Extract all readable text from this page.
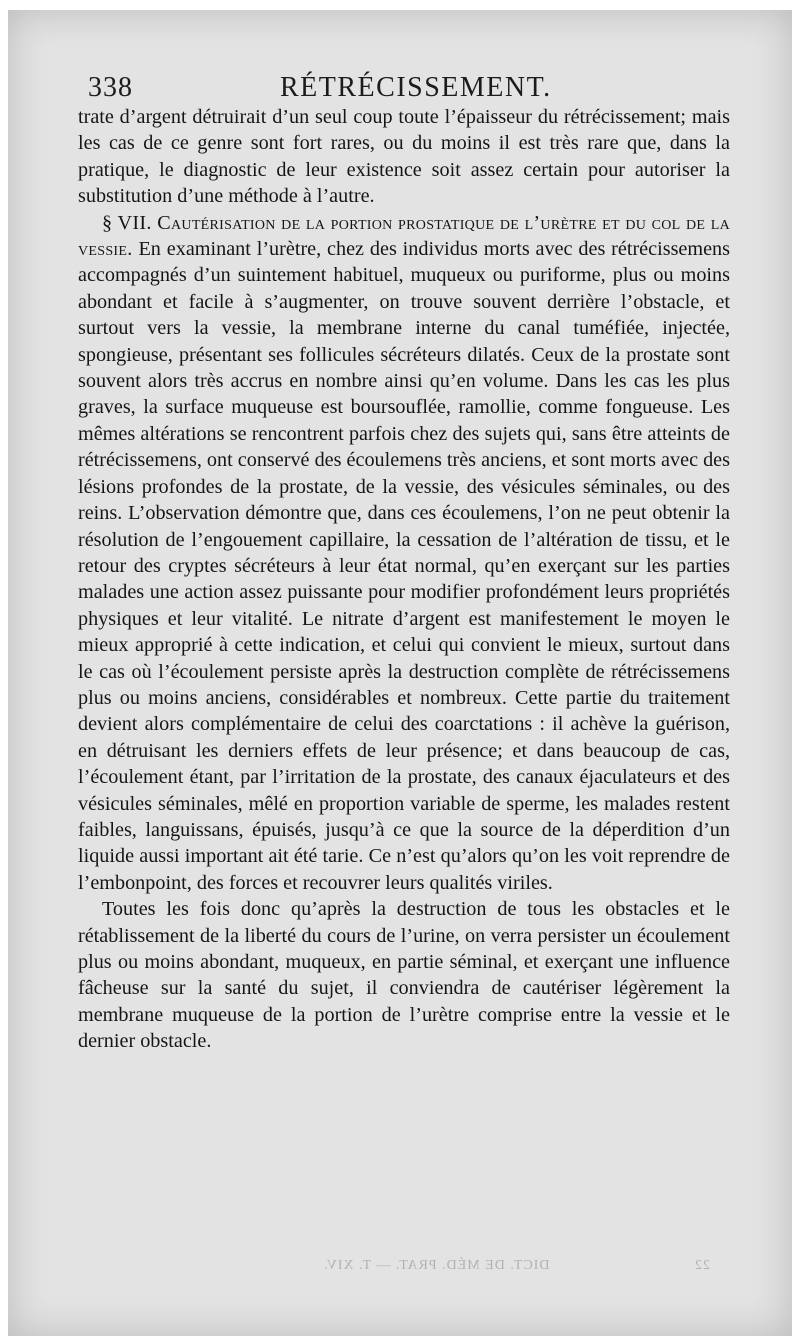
338	RÉTRÉCISSEMENT.

trate d’argent détruirait d’un seul coup toute l’épaisseur du rétrécissement; mais les cas de ce genre sont fort rares, ou du moins il est très rare que, dans la pratique, le diagnostic de leur existence soit assez certain pour autoriser la substitution d’une méthode à l’autre.

§ VII. Cautérisation de la portion prostatique de l’urètre et du col de la vessie. En examinant l’urètre, chez des individus morts avec des rétrécissemens accompagnés d’un suintement habituel, muqueux ou puriforme, plus ou moins abondant et facile à s’augmenter, on trouve souvent derrière l’obstacle, et surtout vers la vessie, la membrane interne du canal tuméfiée, injectée, spongieuse, présentant ses follicules sécréteurs dilatés. Ceux de la prostate sont souvent alors très accrus en nombre ainsi qu’en volume. Dans les cas les plus graves, la surface muqueuse est boursouflée, ramollie, comme fongueuse. Les mêmes altérations se rencontrent parfois chez des sujets qui, sans être atteints de rétrécissemens, ont conservé des écoulemens très anciens, et sont morts avec des lésions profondes de la prostate, de la vessie, des vésicules séminales, ou des reins. L’observation démontre que, dans ces écoulemens, l’on ne peut obtenir la résolution de l’engouement capillaire, la cessation de l’altération de tissu, et le retour des cryptes sécréteurs à leur état normal, qu’en exerçant sur les parties malades une action assez puissante pour modifier profondément leurs propriétés physiques et leur vitalité. Le nitrate d’argent est manifestement le moyen le mieux approprié à cette indication, et celui qui convient le mieux, surtout dans le cas où l’écoulement persiste après la destruction complète de rétrécissemens plus ou moins anciens, considérables et nombreux. Cette partie du traitement devient alors complémentaire de celui des coarctations : il achève la guérison, en détruisant les derniers effets de leur présence; et dans beaucoup de cas, l’écoulement étant, par l’irritation de la prostate, des canaux éjaculateurs et des vésicules séminales, mêlé en proportion variable de sperme, les malades restent faibles, languissans, épuisés, jusqu’à ce que la source de la déperdition d’un liquide aussi important ait été tarie. Ce n’est qu’alors qu’on les voit reprendre de l’embonpoint, des forces et recouvrer leurs qualités viriles.

Toutes les fois donc qu’après la destruction de tous les obstacles et le rétablissement de la liberté du cours de l’urine, on verra persister un écoulement plus ou moins abondant, muqueux, en partie séminal, et exerçant une influence fâcheuse sur la santé du sujet, il conviendra de cautériser légèrement la membrane muqueuse de la portion de l’urètre comprise entre la vessie et le dernier obstacle.

22 DICT. DE MÉD. PRAT. — T. XIV.
